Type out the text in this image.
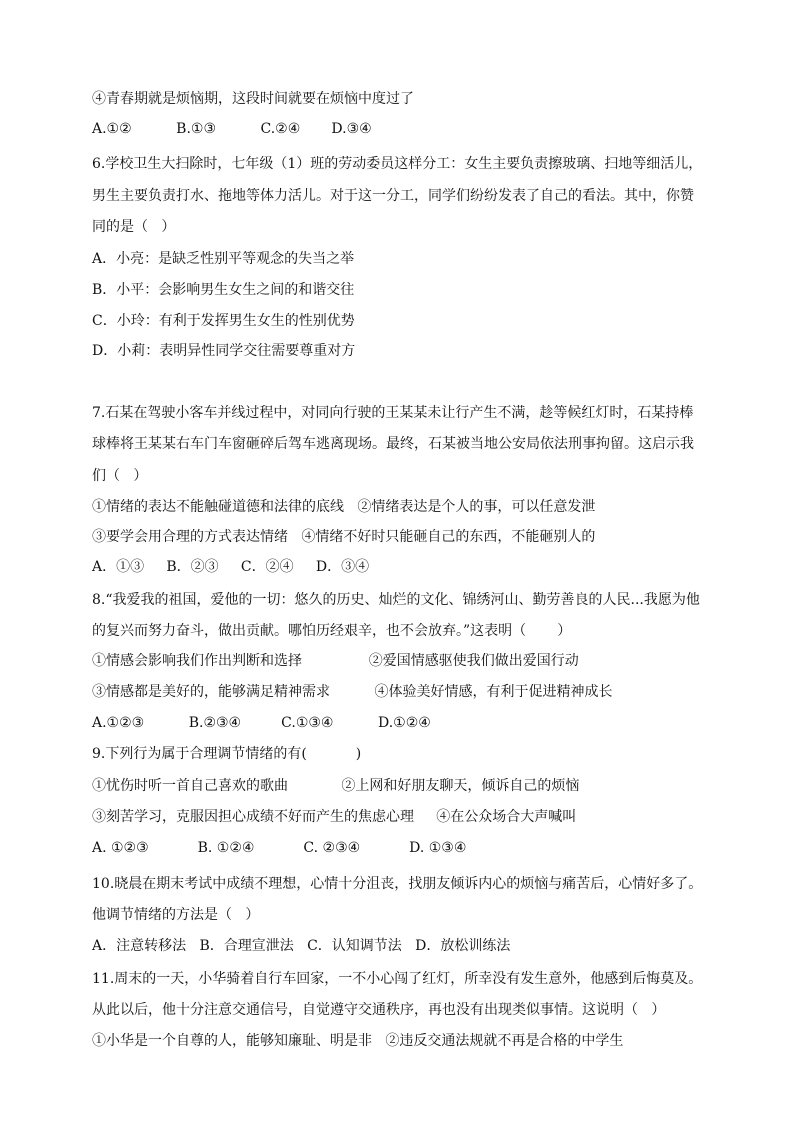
④青春期就是烦恼期，这段时间就要在烦恼中度过了
A.①②          B.①③          C.②④       D.③④
6.学校卫生大扫除时，七年级（1）班的劳动委员这样分工：女生主要负责擦玻璃、扫地等细活儿，
男生主要负责打水、拖地等体力活儿。对于这一分工，同学们纷纷发表了自己的看法。其中，你赞
同的是（   ）
A．小亮：是缺乏性别平等观念的失当之举
B．小平：会影响男生女生之间的和谐交往
C．小玲：有利于发挥男生女生的性别优势
D．小莉：表明异性同学交往需要尊重对方
7.石某在驾驶小客车并线过程中，对同向行驶的王某某未让行产生不满，趁等候红灯时，石某持棒
球棒将王某某右车门车窗砸碎后驾车逃离现场。最终，石某被当地公安局依法刑事拘留。这启示我
们（   ）
①情绪的表达不能触碰道德和法律的底线   ②情绪表达是个人的事，可以任意发泄
③要学会用合理的方式表达情绪   ④情绪不好时只能砸自己的东西，不能砸别人的
A．①③     B．②③     C．②④     D．③④
8.“我爱我的祖国，爱他的一切：悠久的历史、灿烂的文化、锦绣河山、勤劳善良的人民...我愿为他
的复兴而努力奋斗，做出贡献。哪怕历经艰辛，也不会放弃。”这表明（       ）
①情感会影响我们作出判断和选择               ②爱国情感驱使我们做出爱国行动
③情感都是美好的，能够满足精神需求          ④体验美好情感，有利于促进精神成长
A.①②③          B.②③④         C.①③④          D.①②④
9.下列行为属于合理调节情绪的有(           )
①忧伤时听一首自己喜欢的歌曲            ②上网和好朋友聊天，倾诉自己的烦恼
③刻苦学习，克服因担心成绩不好而产生的焦虑心理     ④在公众场合大声喊叫
A. ①②③           B. ①②④           C. ②③④           D. ①③④
10.晓晨在期末考试中成绩不理想，心情十分沮丧，找朋友倾诉内心的烦恼与痛苦后，心情好多了。
他调节情绪的方法是（   ）
A．注意转移法   B．合理宣泄法   C．认知调节法   D．放松训练法
11.周末的一天，小华骑着自行车回家，一不小心闯了红灯，所幸没有发生意外，他感到后悔莫及。
从此以后，他十分注意交通信号，自觉遵守交通秩序，再也没有出现类似事情。这说明（   ）
①小华是一个自尊的人，能够知廉耻、明是非   ②违反交通法规就不再是合格的中学生
